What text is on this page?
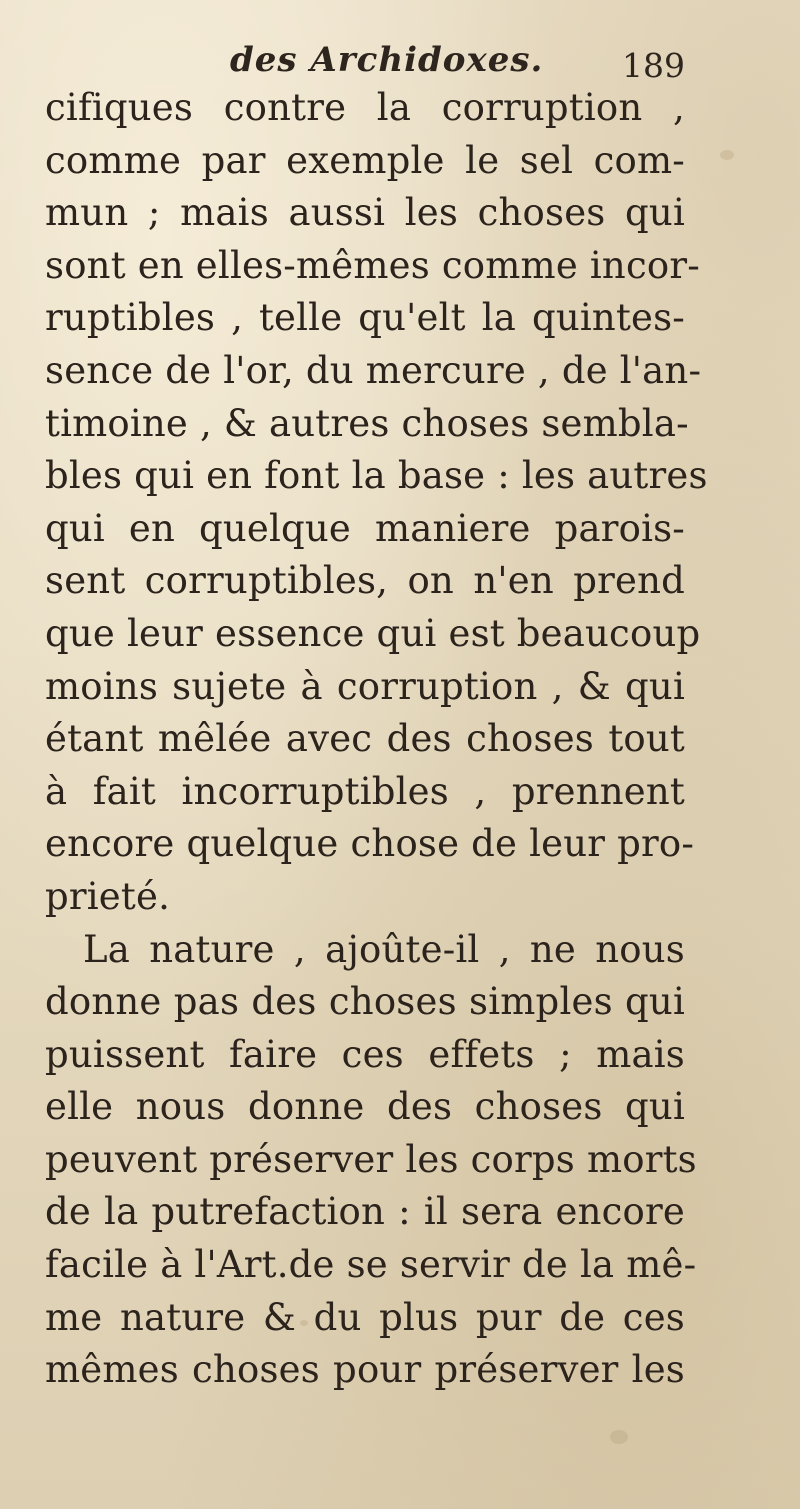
des Archidoxes. 189
cifiques contre la corruption ,
comme par exemple le sel com-
mun ; mais aussi les choses qui
sont en elles-mêmes comme incor-
ruptibles , telle qu'elt la quintes-
sence de l'or, du mercure , de l'an-
timoine , & autres choses sembla-
bles qui en font la base : les autres
qui en quelque maniere parois-
sent corruptibles, on n'en prend
que leur essence qui est beaucoup
moins sujete à corruption , & qui
étant mêlée avec des choses tout
à fait incorruptibles , prennent
encore quelque chose de leur pro-
prieté.
La nature , ajoûte-il , ne nous
donne pas des choses simples qui
puissent faire ces effets ; mais
elle nous donne des choses qui
peuvent préserver les corps morts
de la putrefaction : il sera encore
facile à l'Art.de se servir de la mê-
me nature & du plus pur de ces
mêmes choses pour préserver les
